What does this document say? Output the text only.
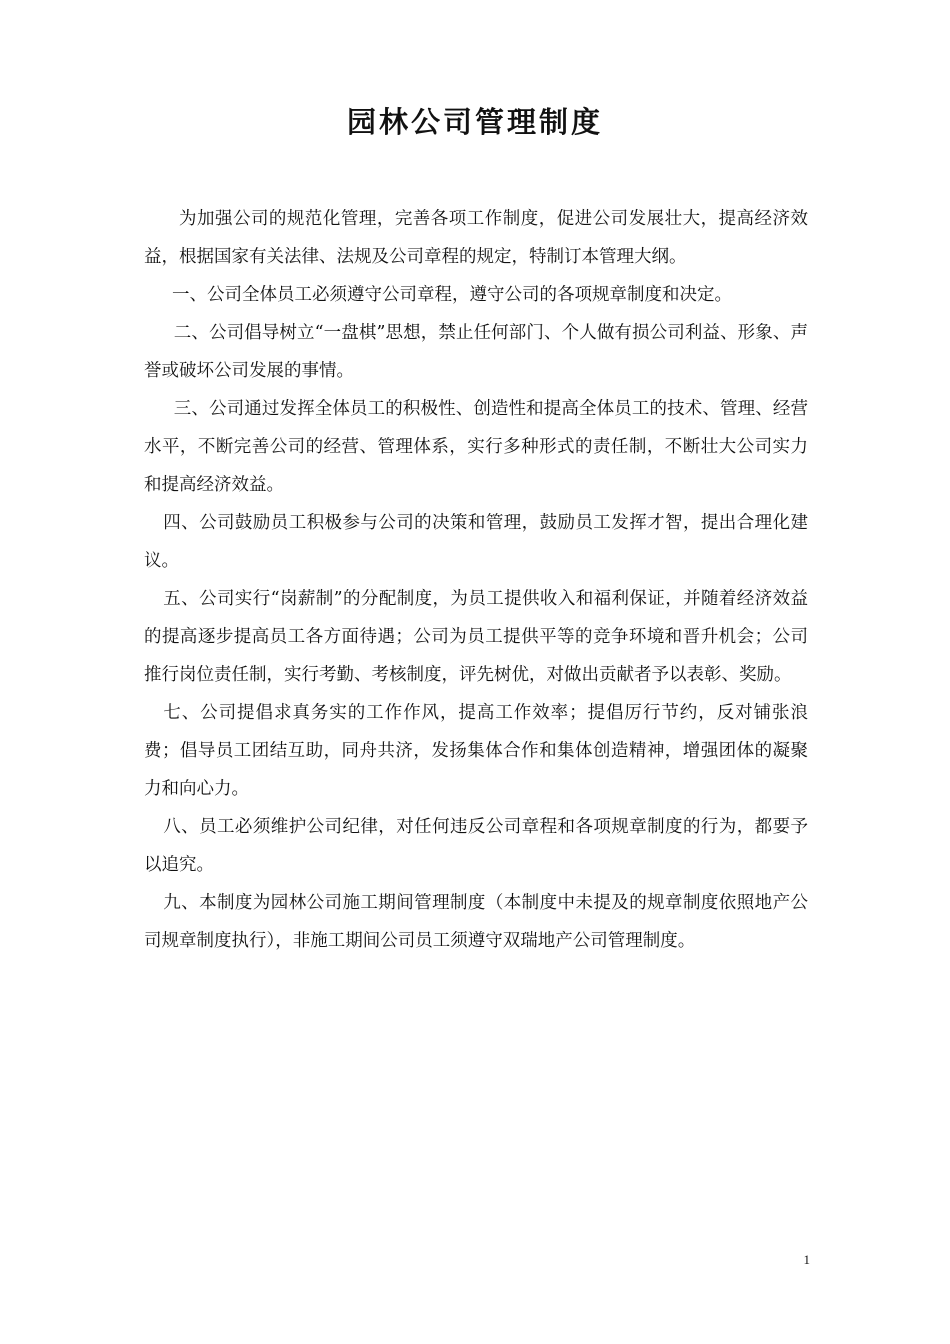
园林公司管理制度

为加强公司的规范化管理，完善各项工作制度，促进公司发展壮大，提高经济效益，根据国家有关法律、法规及公司章程的规定，特制订本管理大纲。

一、公司全体员工必须遵守公司章程，遵守公司的各项规章制度和决定。

二、公司倡导树立“一盘棋”思想，禁止任何部门、个人做有损公司利益、形象、声誉或破坏公司发展的事情。

三、公司通过发挥全体员工的积极性、创造性和提高全体员工的技术、管理、经营水平，不断完善公司的经营、管理体系，实行多种形式的责任制，不断壮大公司实力和提高经济效益。

四、公司鼓励员工积极参与公司的决策和管理，鼓励员工发挥才智，提出合理化建议。

五、公司实行“岗薪制”的分配制度，为员工提供收入和福利保证，并随着经济效益的提高逐步提高员工各方面待遇；公司为员工提供平等的竞争环境和晋升机会；公司推行岗位责任制，实行考勤、考核制度，评先树优，对做出贡献者予以表彰、奖励。

七、公司提倡求真务实的工作作风，提高工作效率；提倡厉行节约，反对铺张浪费；倡导员工团结互助，同舟共济，发扬集体合作和集体创造精神，增强团体的凝聚力和向心力。

八、员工必须维护公司纪律，对任何违反公司章程和各项规章制度的行为，都要予以追究。

九、本制度为园林公司施工期间管理制度（本制度中未提及的规章制度依照地产公司规章制度执行），非施工期间公司员工须遵守双瑞地产公司管理制度。

1
